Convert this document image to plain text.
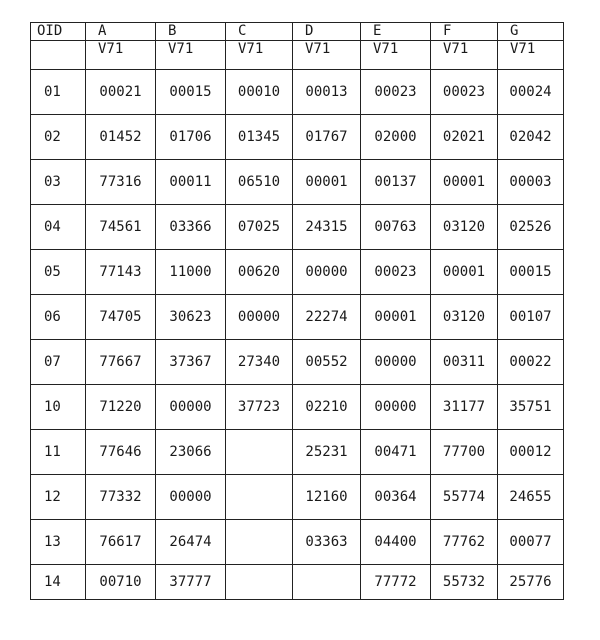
OID	A	B	C	D	E	F	G
	V71	V71	V71	V71	V71	V71	V71
01	00021	00015	00010	00013	00023	00023	00024
02	01452	01706	01345	01767	02000	02021	02042
03	77316	00011	06510	00001	00137	00001	00003
04	74561	03366	07025	24315	00763	03120	02526
05	77143	11000	00620	00000	00023	00001	00015
06	74705	30623	00000	22274	00001	03120	00107
07	77667	37367	27340	00552	00000	00311	00022
10	71220	00000	37723	02210	00000	31177	35751
11	77646	23066		25231	00471	77700	00012
12	77332	00000		12160	00364	55774	24655
13	76617	26474		03363	04400	77762	00077
14	00710	37777			77772	55732	25776
